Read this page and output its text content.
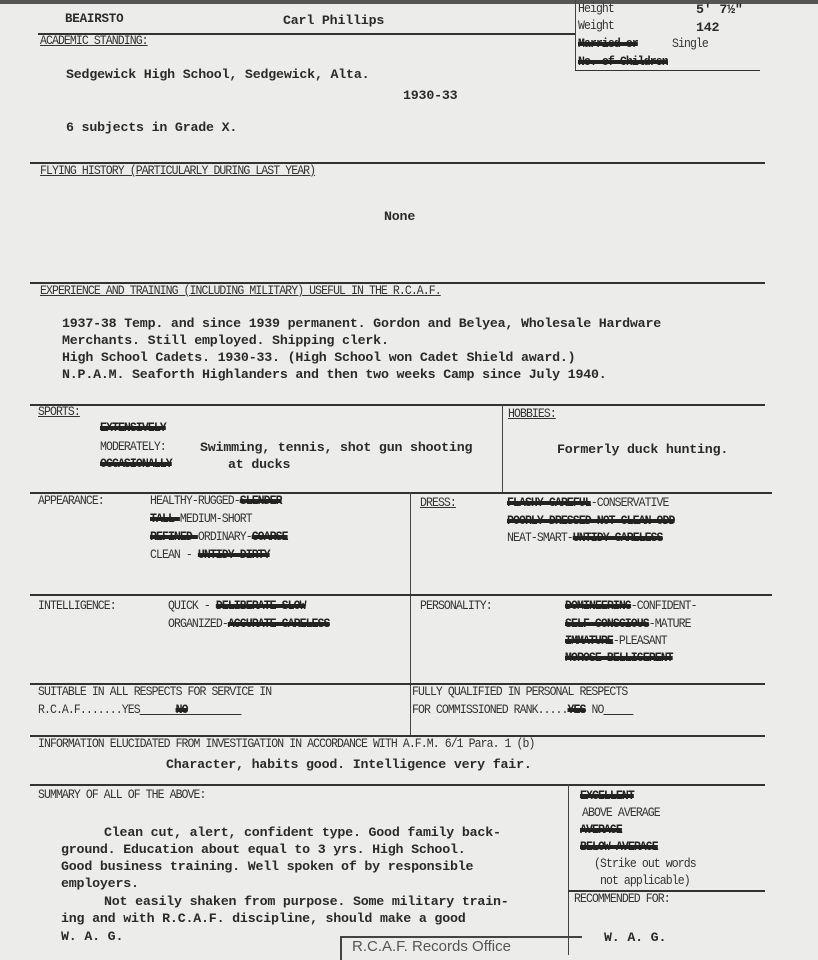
BEAIRSTO	Carl Phillips
Height	5' 7½"
Weight	142
Married or	Single
No. of Children
ACADEMIC STANDING:
Sedgewick High School, Sedgewick, Alta.
1930-33
6 subjects in Grade X.
FLYING HISTORY (PARTICULARLY DURING LAST YEAR)
None
EXPERIENCE AND TRAINING (INCLUDING MILITARY) USEFUL IN THE R.C.A.F.
1937-38 Temp. and since 1939 permanent. Gordon and Belyea, Wholesale Hardware
Merchants. Still employed. Shipping clerk.
High School Cadets. 1930-33. (High School won Cadet Shield award.)
N.P.A.M. Seaforth Highlanders and then two weeks Camp since July 1940.
SPORTS:
EXTENSIVELY
MODERATELY:	Swimming, tennis, shot gun shooting
OCCASIONALLY	at ducks
HOBBIES:
Formerly duck hunting.
APPEARANCE:	HEALTHY-RUGGED-SLENDER
TALL-MEDIUM-SHORT
REFINED-ORDINARY-COARSE
CLEAN - UNTIDY-DIRTY
DRESS:	FLASHY-CAREFUL-CONSERVATIVE
POORLY DRESSED-NOT CLEAN-ODD
NEAT-SMART-UNTIDY-CARELESS
INTELLIGENCE:	QUICK - DELIBERATE-SLOW
ORGANIZED-ACCURATE-CARELESS
PERSONALITY:	DOMINEERING-CONFIDENT-
SELF-CONSCIOUS-MATURE
IMMATURE-PLEASANT
MOROSE-BELLIGERENT
SUITABLE IN ALL RESPECTS FOR SERVICE IN
R.C.A.F.......YES	NO
FULLY QUALIFIED IN PERSONAL RESPECTS
FOR COMMISSIONED RANK.....YES NO
INFORMATION ELUCIDATED FROM INVESTIGATION IN ACCORDANCE WITH A.F.M. 6/1 Para. 1 (b)
Character, habits good. Intelligence very fair.
SUMMARY OF ALL OF THE ABOVE:
Clean cut, alert, confident type. Good family back-
ground. Education about equal to 3 yrs. High School.
Good business training. Well spoken of by responsible
employers.
Not easily shaken from purpose. Some military train-
ing and with R.C.A.F. discipline, should make a good
W. A. G.
EXCELLENT
ABOVE AVERAGE
AVERAGE
BELOW AVERAGE
(Strike out words
not applicable)
RECOMMENDED FOR:
W. A. G.
R.C.A.F. Records Office
